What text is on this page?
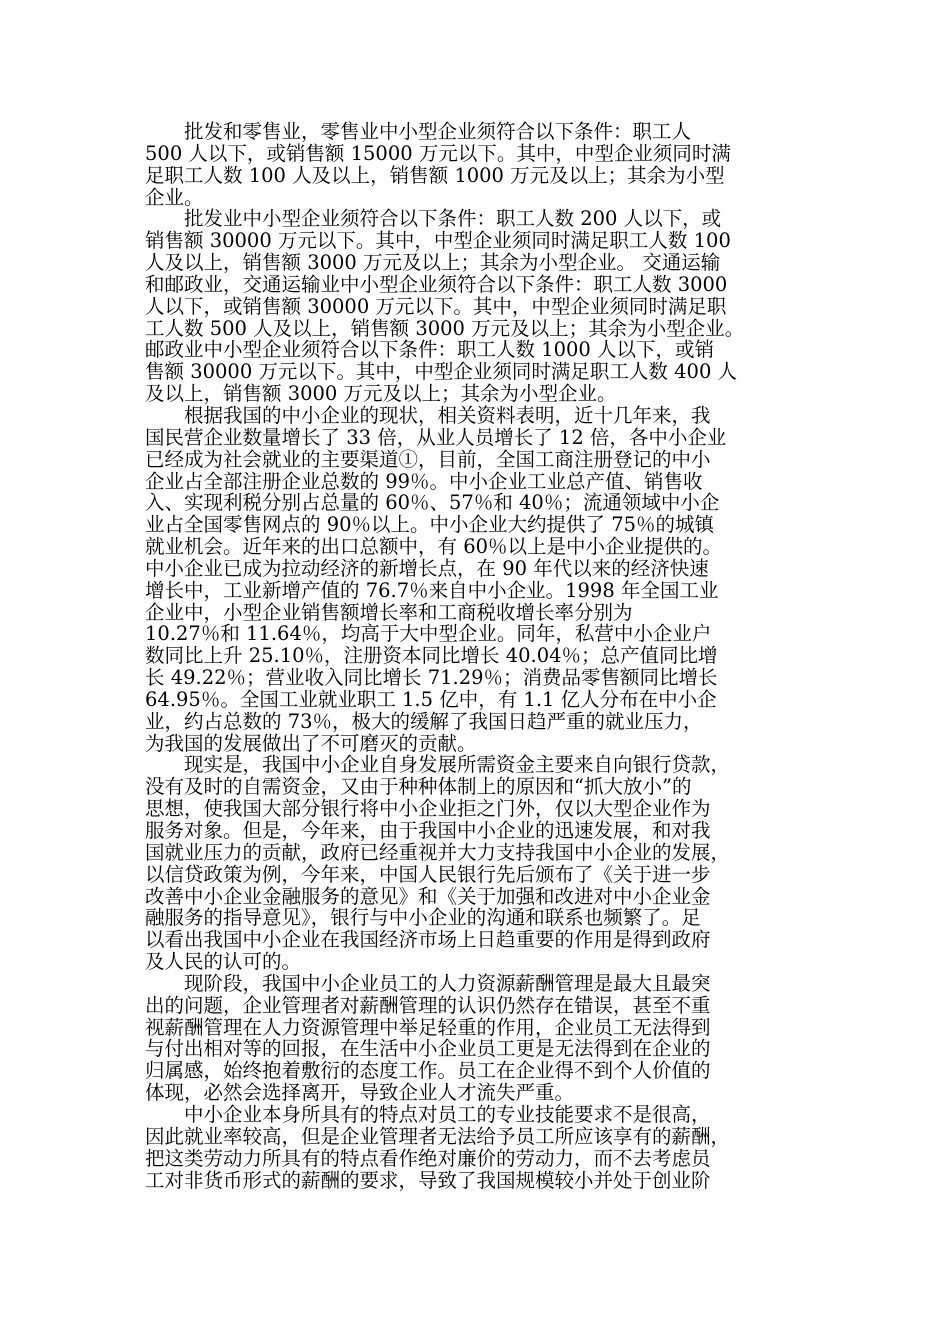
批发和零售业，零售业中小型企业须符合以下条件：职工人
500 人以下，或销售额 15000 万元以下。其中，中型企业须同时满
足职工人数 100 人及以上，销售额 1000 万元及以上；其余为小型
企业。
批发业中小型企业须符合以下条件：职工人数 200 人以下，或
销售额 30000 万元以下。其中，中型企业须同时满足职工人数 100
人及以上，销售额 3000 万元及以上；其余为小型企业。 交通运输
和邮政业，交通运输业中小型企业须符合以下条件：职工人数 3000
人以下，或销售额 30000 万元以下。其中，中型企业须同时满足职
工人数 500 人及以上，销售额 3000 万元及以上；其余为小型企业。
邮政业中小型企业须符合以下条件：职工人数 1000 人以下，或销
售额 30000 万元以下。其中，中型企业须同时满足职工人数 400 人
及以上，销售额 3000 万元及以上；其余为小型企业。
根据我国的中小企业的现状，相关资料表明，近十几年来，我
国民营企业数量增长了 33 倍，从业人员增长了 12 倍，各中小企业
已经成为社会就业的主要渠道①，目前，全国工商注册登记的中小
企业占全部注册企业总数的 99％。中小企业工业总产值、销售收
入、实现利税分别占总量的 60％、57％和 40％；流通领域中小企
业占全国零售网点的 90％以上。中小企业大约提供了 75％的城镇
就业机会。近年来的出口总额中，有 60％以上是中小企业提供的。
中小企业已成为拉动经济的新增长点，在 90 年代以来的经济快速
增长中，工业新增产值的 76.7％来自中小企业。1998 年全国工业
企业中，小型企业销售额增长率和工商税收增长率分别为
10.27％和 11.64％，均高于大中型企业。同年，私营中小企业户
数同比上升 25.10％，注册资本同比增长 40.04％；总产值同比增
长 49.22％；营业收入同比增长 71.29％；消费品零售额同比增长
64.95％。全国工业就业职工 1.5 亿中，有 1.1 亿人分布在中小企
业，约占总数的 73％，极大的缓解了我国日趋严重的就业压力，
为我国的发展做出了不可磨灭的贡献。
现实是，我国中小企业自身发展所需资金主要来自向银行贷款，
没有及时的自需资金，又由于种种体制上的原因和“抓大放小”的
思想，使我国大部分银行将中小企业拒之门外，仅以大型企业作为
服务对象。但是，今年来，由于我国中小企业的迅速发展，和对我
国就业压力的贡献，政府已经重视并大力支持我国中小企业的发展，
以信贷政策为例，今年来，中国人民银行先后颁布了《关于进一步
改善中小企业金融服务的意见》和《关于加强和改进对中小企业金
融服务的指导意见》，银行与中小企业的沟通和联系也频繁了。足
以看出我国中小企业在我国经济市场上日趋重要的作用是得到政府
及人民的认可的。
现阶段，我国中小企业员工的人力资源薪酬管理是最大且最突
出的问题，企业管理者对薪酬管理的认识仍然存在错误，甚至不重
视薪酬管理在人力资源管理中举足轻重的作用，企业员工无法得到
与付出相对等的回报，在生活中小企业员工更是无法得到在企业的
归属感，始终抱着敷衍的态度工作。员工在企业得不到个人价值的
体现，必然会选择离开，导致企业人才流失严重。
中小企业本身所具有的特点对员工的专业技能要求不是很高，
因此就业率较高，但是企业管理者无法给予员工所应该享有的薪酬，
把这类劳动力所具有的特点看作绝对廉价的劳动力，而不去考虑员
工对非货币形式的薪酬的要求，导致了我国规模较小并处于创业阶
